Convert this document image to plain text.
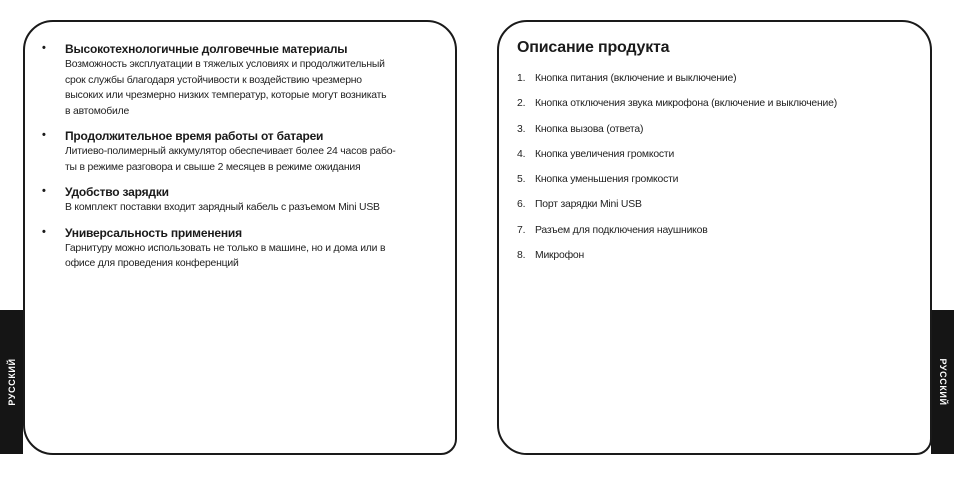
РУССКИЙ	РУССКИЙ
• Высокотехнологичные долговечные материалы
Возможность эксплуатации в тяжелых условиях и продолжительный
срок службы благодаря устойчивости к воздействию чрезмерно
высоких или чрезмерно низких температур, которые могут возникать
в автомобиле
• Продолжительное время работы от батареи
Литиево-полимерный аккумулятор обеспечивает более 24 часов рабо-
ты в режиме разговора и свыше 2 месяцев в режиме ожидания
• Удобство зарядки
В комплект поставки входит зарядный кабель с разъемом Mini USB
• Универсальность применения
Гарнитуру можно использовать не только в машине, но и дома или в
офисе для проведения конференций
Описание продукта
1. Кнопка питания (включение и выключение)
2. Кнопка отключения звука микрофона (включение и выключение)
3. Кнопка вызова (ответа)
4. Кнопка увеличения громкости
5. Кнопка уменьшения громкости
6. Порт зарядки Mini USB
7. Разъем для подключения наушников
8. Микрофон
